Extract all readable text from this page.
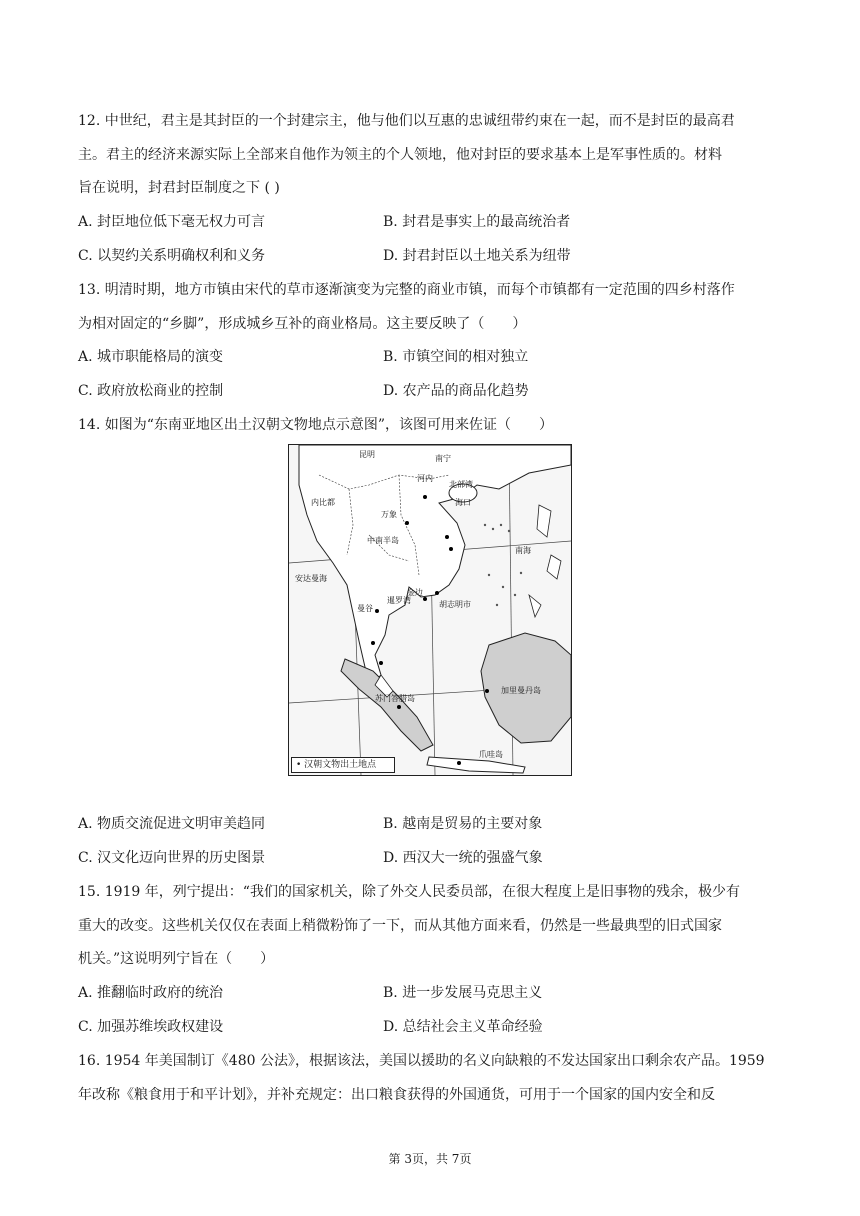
12. 中世纪，君主是其封臣的一个封建宗主，他与他们以互惠的忠诚纽带约束在一起，而不是封臣的最高君
主。君主的经济来源实际上全部来自他作为领主的个人领地，他对封臣的要求基本上是军事性质的。材料
旨在说明，封君封臣制度之下 ( )
A. 封臣地位低下毫无权力可言	B. 封君是事实上的最高统治者
C. 以契约关系明确权利和义务	D. 封君封臣以土地关系为纽带
13. 明清时期，地方市镇由宋代的草市逐渐演变为完整的商业市镇，而每个市镇都有一定范围的四乡村落作
为相对固定的“乡脚”，形成城乡互补的商业格局。这主要反映了（　　）
A. 城市职能格局的演变	B. 市镇空间的相对独立
C. 政府放松商业的控制	D. 农产品的商品化趋势
14. 如图为“东南亚地区出土汉朝文物地点示意图”，该图可用来佐证（　　）
昆明	南宁
河内
北部湾
海口
内比都
万象
中南半岛
南海
安达曼海
暹罗湾
曼谷
金边
胡志明市
苏门答腊岛
加里曼丹岛
爪哇岛
• 汉朝文物出土地点
A. 物质交流促进文明审美趋同	B. 越南是贸易的主要对象
C. 汉文化迈向世界的历史图景	D. 西汉大一统的强盛气象
15. 1919 年，列宁提出：“我们的国家机关，除了外交人民委员部，在很大程度上是旧事物的残余，极少有
重大的改变。这些机关仅仅在表面上稍微粉饰了一下，而从其他方面来看，仍然是一些最典型的旧式国家
机关。”这说明列宁旨在（　　）
A. 推翻临时政府的统治	B. 进一步发展马克思主义
C. 加强苏维埃政权建设	D. 总结社会主义革命经验
16. 1954 年美国制订《480 公法》，根据该法，美国以援助的名义向缺粮的不发达国家出口剩余农产品。1959
年改称《粮食用于和平计划》，并补充规定：出口粮食获得的外国通货，可用于一个国家的国内安全和反
第 3页，共 7页
